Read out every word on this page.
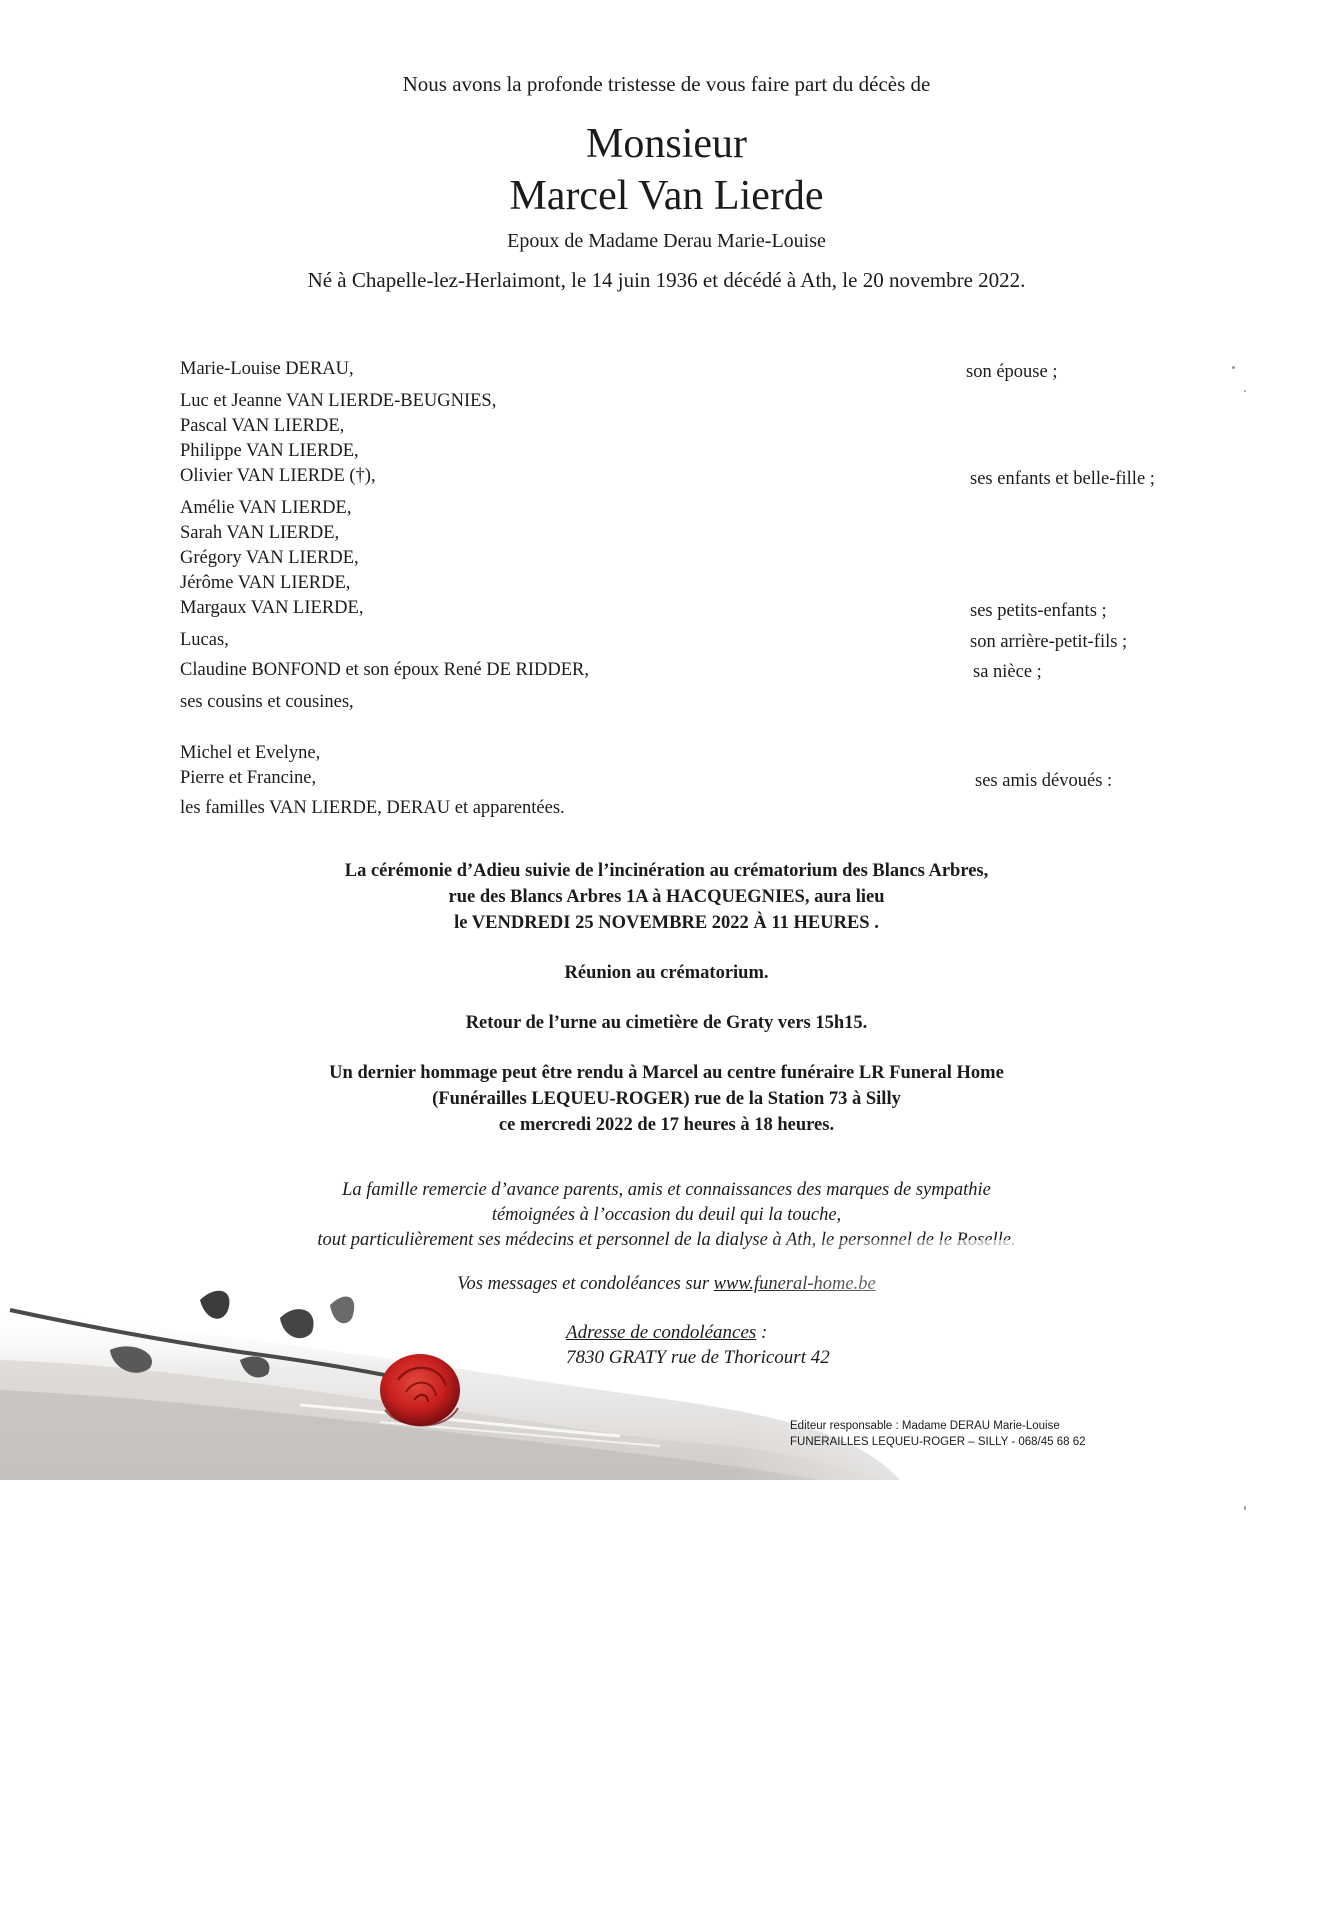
Nous avons la profonde tristesse de vous faire part du décès de
Monsieur
Marcel Van Lierde
Epoux de Madame Derau Marie-Louise
Né à Chapelle-lez-Herlaimont, le 14 juin 1936 et décédé à Ath, le 20 novembre 2022.
Marie-Louise DERAU,
Luc et Jeanne VAN LIERDE-BEUGNIES,
Pascal VAN LIERDE,
Philippe VAN LIERDE,
Olivier VAN LIERDE (†),
Amélie VAN LIERDE,
Sarah VAN LIERDE,
Grégory VAN LIERDE,
Jérôme VAN LIERDE,
Margaux VAN LIERDE,
Lucas,
Claudine BONFOND et son époux René DE RIDDER,
ses cousins et cousines,
Michel et Evelyne,
Pierre et Francine,
les familles VAN LIERDE, DERAU et apparentées.
son épouse ;
ses enfants et belle-fille ;
ses petits-enfants ;
son arrière-petit-fils ;
sa nièce ;
ses amis dévoués :
La cérémonie d’Adieu suivie de l’incinération au crématorium des Blancs Arbres,
rue des Blancs Arbres 1A à HACQUEGNIES, aura lieu
le VENDREDI 25 NOVEMBRE 2022 À 11 HEURES .
Réunion au crématorium.
Retour de l’urne au cimetière de Graty vers 15h15.
Un dernier hommage peut être rendu à Marcel au centre funéraire LR Funeral Home
(Funérailles LEQUEU-ROGER) rue de la Station 73 à Silly
ce mercredi 2022 de 17 heures à 18 heures.
La famille remercie d’avance parents, amis et connaissances des marques de sympathie
témoignées à l’occasion du deuil qui la touche,
Adresse de condoléances :
7830 GRATY rue de Thoricourt 42
Editeur responsable : Madame DERAU Marie-Louise
FUNERAILLES LEQUEU-ROGER – SILLY - 068/45 68 62
